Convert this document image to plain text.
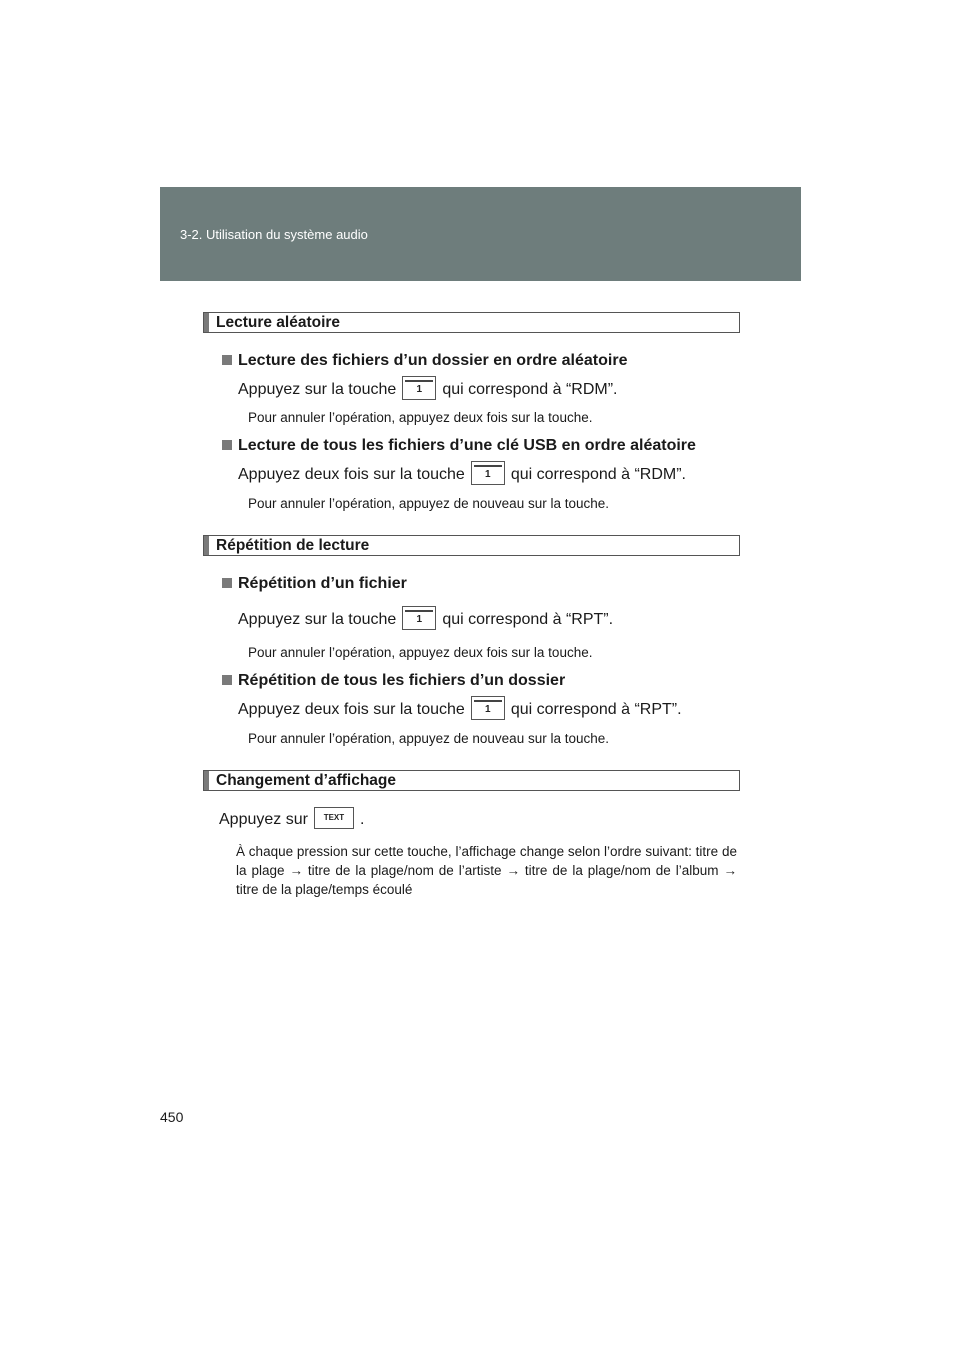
3-2. Utilisation du système audio
Lecture aléatoire
Lecture des fichiers d’un dossier en ordre aléatoire
Appuyez sur la touche	1	qui correspond à “RDM”.
Pour annuler l’opération, appuyez deux fois sur la touche.
Lecture de tous les fichiers d’une clé USB en ordre aléatoire
Appuyez deux fois sur la touche	1	qui correspond à “RDM”.
Pour annuler l’opération, appuyez de nouveau sur la touche.
Répétition de lecture
Répétition d’un fichier
Appuyez sur la touche	1	qui correspond à “RPT”.
Pour annuler l’opération, appuyez deux fois sur la touche.
Répétition de tous les fichiers d’un dossier
Appuyez deux fois sur la touche	1	qui correspond à “RPT”.
Pour annuler l’opération, appuyez de nouveau sur la touche.
Changement d’affichage
Appuyez sur	TEXT .
À chaque pression sur cette touche, l’affichage change selon l’ordre suivant: titre de la plage → titre de la plage/nom de l’artiste → titre de la plage/nom de l’album → titre de la plage/temps écoulé
450
